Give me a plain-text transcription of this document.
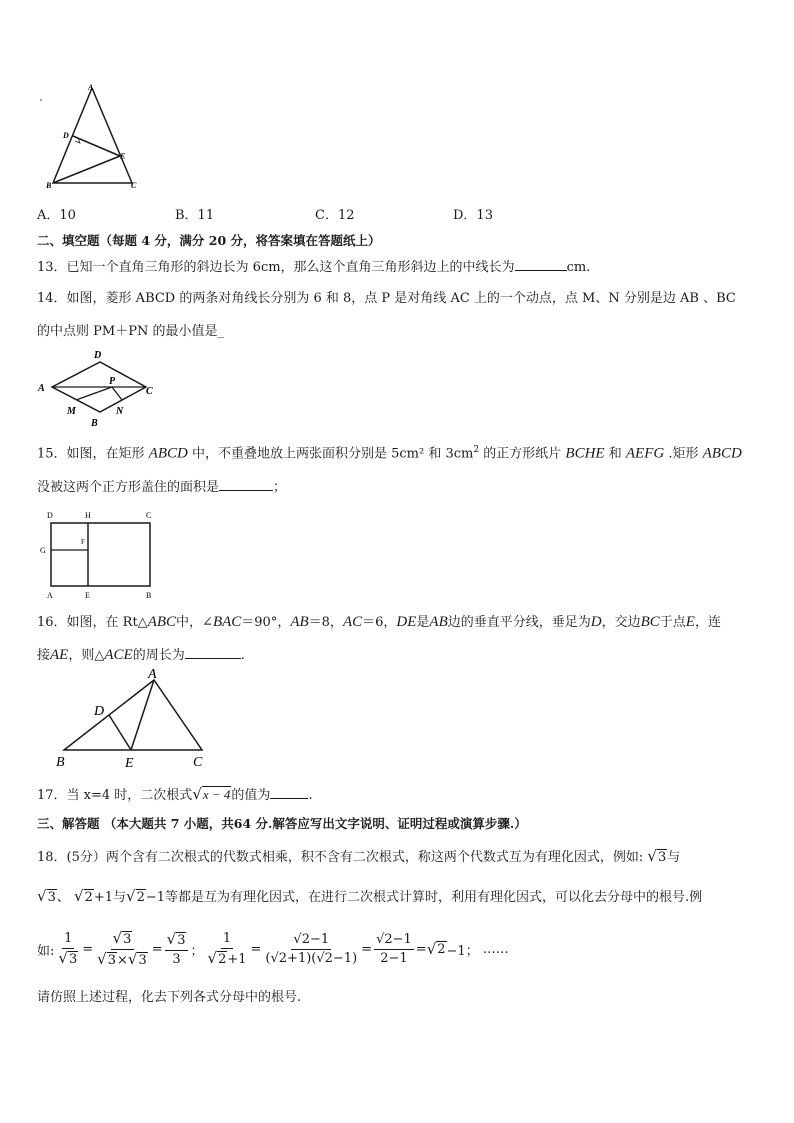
A
D
E
B	C
A．10	B．11	C．12	D．13
二、填空题（每题 4 分，满分 20 分，将答案填在答题纸上）
13．已知一个直角三角形的斜边长为 6cm，那么这个直角三角形斜边上的中线长为	cm.
14．如图，菱形 ABCD 的两条对角线长分别为 6 和 8，点 P 是对角线 AC 上的一个动点，点 M、N 分别是边 AB 、BC
的中点则 PM＋PN 的最小值是_
D
A
P
C
M	N
B
15．如图，在矩形 ABCD 中，不重叠地放上两张面积分别是 5cm² 和 $3cm^2$ 的正方形纸片 BCHE 和 AEFG .矩形 ABCD
没被这两个正方形盖住的面积是	；
D	H	C
G
F
A	E	B
16．如图，在 Rt△ABC中，∠BAC＝90°，AB＝8，AC＝6，DE是AB边的垂直平分线，垂足为D，交边BC于点E，连
接AE，则△ACE的周长为	.
A
D
B	E	C
17．当 x=4 时，二次根式√x − 4的值为	.
三、解答题 （本大题共 7 小题，共64 分.解答应写出文字说明、证明过程或演算步骤.）
18．(5分）两个含有二次根式的代数式相乘，积不含有二次根式，称这两个代数式互为有理化因式，例如: √3与
√3、 √2+1与√2−1等都是互为有理化因式，在进行二次根式计算时，利用有理化因式，可以化去分母中的根号.例
如: $\frac{1}{√3} = \frac{√3}{√3\times√3} = \frac{√3}{3}$ ； $\frac{1}{√2+1} = \frac{√2-1}{(√2+1)(√2-1)} = \frac{√2-1}{2-1}$ = √ 2 −1； ……
请仿照上述过程，化去下列各式分母中的根号.
